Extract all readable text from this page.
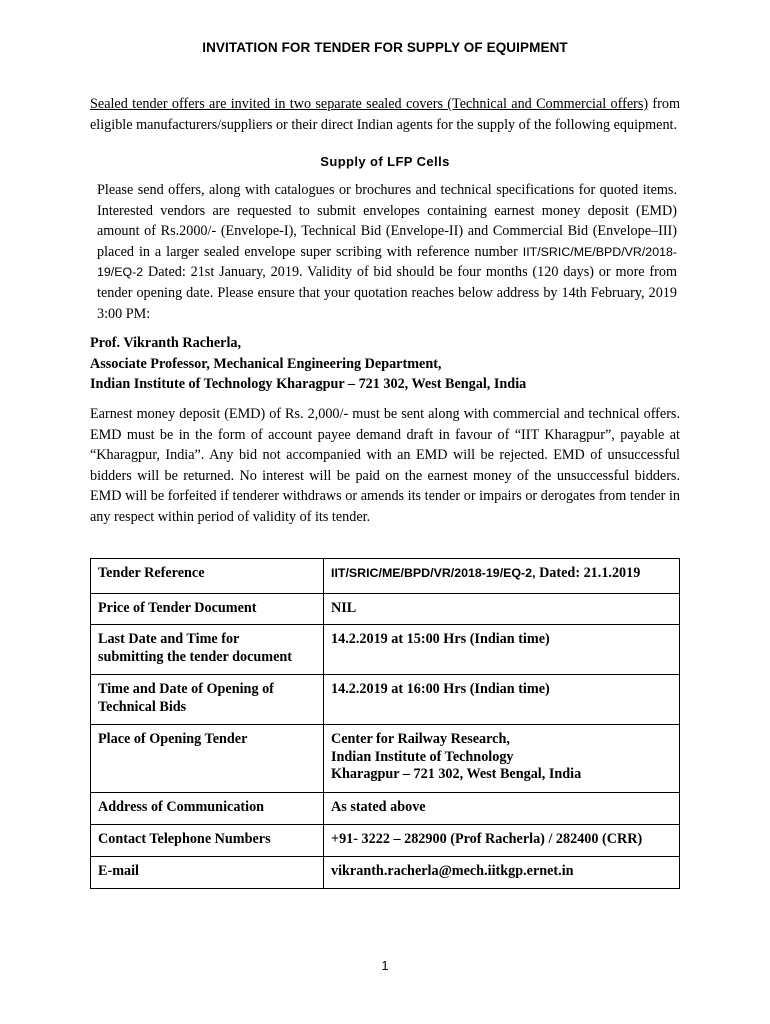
INVITATION FOR TENDER FOR SUPPLY OF EQUIPMENT
Sealed tender offers are invited in two separate sealed covers (Technical and Commercial offers) from eligible manufacturers/suppliers or their direct Indian agents for the supply of the following equipment.
Supply of LFP Cells
Please send offers, along with catalogues or brochures and technical specifications for quoted items. Interested vendors are requested to submit envelopes containing earnest money deposit (EMD) amount of Rs.2000/- (Envelope-I), Technical Bid (Envelope-II) and Commercial Bid (Envelope–III) placed in a larger sealed envelope super scribing with reference number IIT/SRIC/ME/BPD/VR/2018-19/EQ-2 Dated: 21st January, 2019. Validity of bid should be four months (120 days) or more from tender opening date. Please ensure that your quotation reaches below address by 14th February, 2019 3:00 PM:
Prof. Vikranth Racherla,
Associate Professor, Mechanical Engineering Department,
Indian Institute of Technology Kharagpur – 721 302, West Bengal, India
Earnest money deposit (EMD) of Rs. 2,000/- must be sent along with commercial and technical offers. EMD must be in the form of account payee demand draft in favour of “IIT Kharagpur”, payable at “Kharagpur, India”. Any bid not accompanied with an EMD will be rejected. EMD of unsuccessful bidders will be returned. No interest will be paid on the earnest money of the unsuccessful bidders. EMD will be forfeited if tenderer withdraws or amends its tender or impairs or derogates from tender in any respect within period of validity of its tender.
Tender Reference	IIT/SRIC/ME/BPD/VR/2018-19/EQ-2, Dated: 21.1.2019
Price of Tender Document	NIL

Last Date and Time for
submitting the tender document	14.2.2019 at 15:00 Hrs (Indian time)

Time and Date of Opening of
Technical Bids	14.2.2019 at 16:00 Hrs (Indian time)
Place of Opening Tender	Center for Railway Research,
Indian Institute of Technology
Kharagpur – 721 302, West Bengal, India

Address of Communication	As stated above
Contact Telephone Numbers	+91- 3222 – 282900 (Prof Racherla) / 282400 (CRR)
E-mail	vikranth.racherla@mech.iitkgp.ernet.in
1
